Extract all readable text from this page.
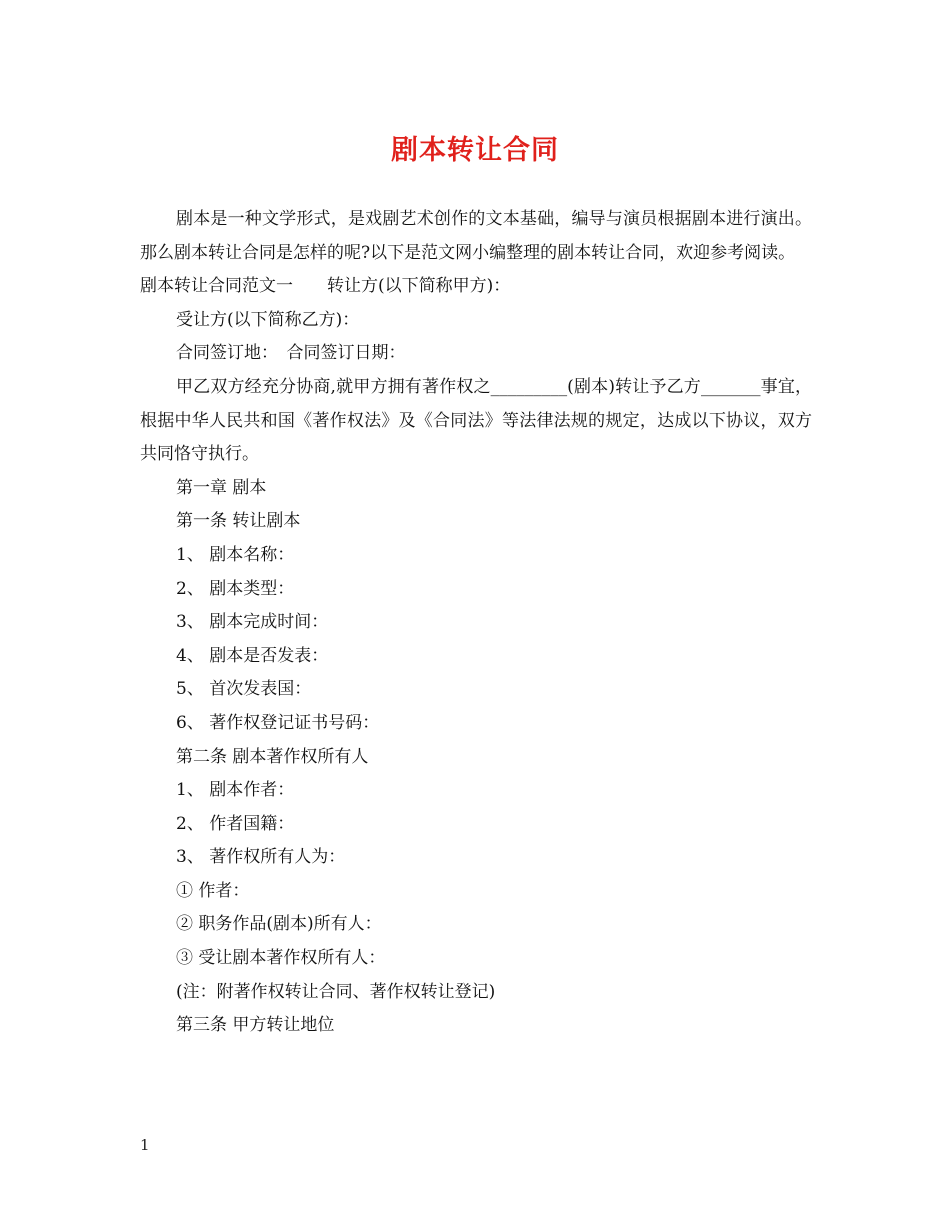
剧本转让合同

剧本是一种文学形式，是戏剧艺术创作的文本基础，编导与演员根据剧本进行演出。那么剧本转让合同是怎样的呢?以下是范文网小编整理的剧本转让合同，欢迎参考阅读。

剧本转让合同范文一　　转让方(以下简称甲方)：

受让方(以下简称乙方)：

合同签订地：　合同签订日期：

甲乙双方经充分协商,就甲方拥有著作权之_________(剧本)转让予乙方_______事宜，根据中华人民共和国《著作权法》及《合同法》等法律法规的规定，达成以下协议，双方共同恪守执行。

第一章 剧本

第一条 转让剧本

1、 剧本名称：

2、 剧本类型：

3、 剧本完成时间：

4、 剧本是否发表：

5、 首次发表国：

6、 著作权登记证书号码：

第二条 剧本著作权所有人

1、 剧本作者：

2、 作者国籍：

3、 著作权所有人为：

① 作者：

② 职务作品(剧本)所有人：

③ 受让剧本著作权所有人：

(注：附著作权转让合同、著作权转让登记)

第三条 甲方转让地位

1
